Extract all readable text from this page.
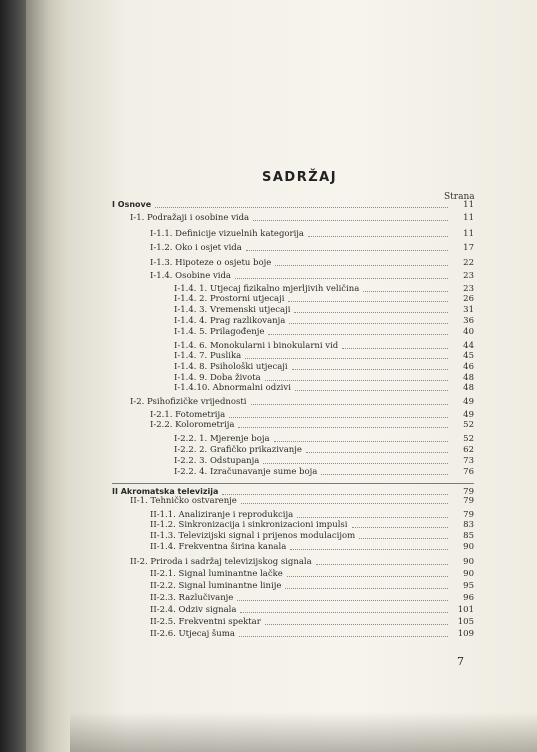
SADRŽAJ
Strana
I Osnove	11
I-1. Podražaji i osobine vida	11
I-1.1. Definicije vizuelnih kategorija	11
I-1.2. Oko i osjet vida	17
I-1.3. Hipoteze o osjetu boje	22
I-1.4. Osobine vida	23
I-1.4. 1. Utjecaj fizikalno mjerljivih veličina	23
I-1.4. 2. Prostorni utjecaji	26
I-1.4. 3. Vremenski utjecaji	31
I-1.4. 4. Prag razlikovanja	36
I-1.4. 5. Prilagođenje	40
I-1.4. 6. Monokularni i binokularni vid	44
I-1.4. 7. Puslika	45
I-1.4. 8. Psihološki utjecaji	46
I-1.4. 9. Doba života	48
I-1.4.10. Abnormalni odzivi	48
I-2. Psihofizičke vrijednosti	49
I-2.1. Fotometrija	49
I-2.2. Kolorometrija	52
I-2.2. 1. Mjerenje boja	52
I-2.2. 2. Grafičko prikazivanje	62
I-2.2. 3. Odstupanja	73
I-2.2. 4. Izračunavanje sume boja	76
II Akromatska televizija	79
II-1. Tehničko ostvarenje	79
II-1.1. Analiziranje i reprodukcija	79
II-1.2. Sinkronizacija i sinkronizacioni impulsi	83
II-1.3. Televizijski signal i prijenos modulacijom	85
II-1.4. Frekventna širina kanala	90
II-2. Priroda i sadržaj televizijskog signala	90
II-2.1. Signal luminantne lačke	90
II-2.2. Signal luminantne linije	95
II-2.3. Razlučivanje	96
II-2.4. Odziv signala	101
II-2.5. Frekventni spektar	105
II-2.6. Utjecaj šuma	109
7
